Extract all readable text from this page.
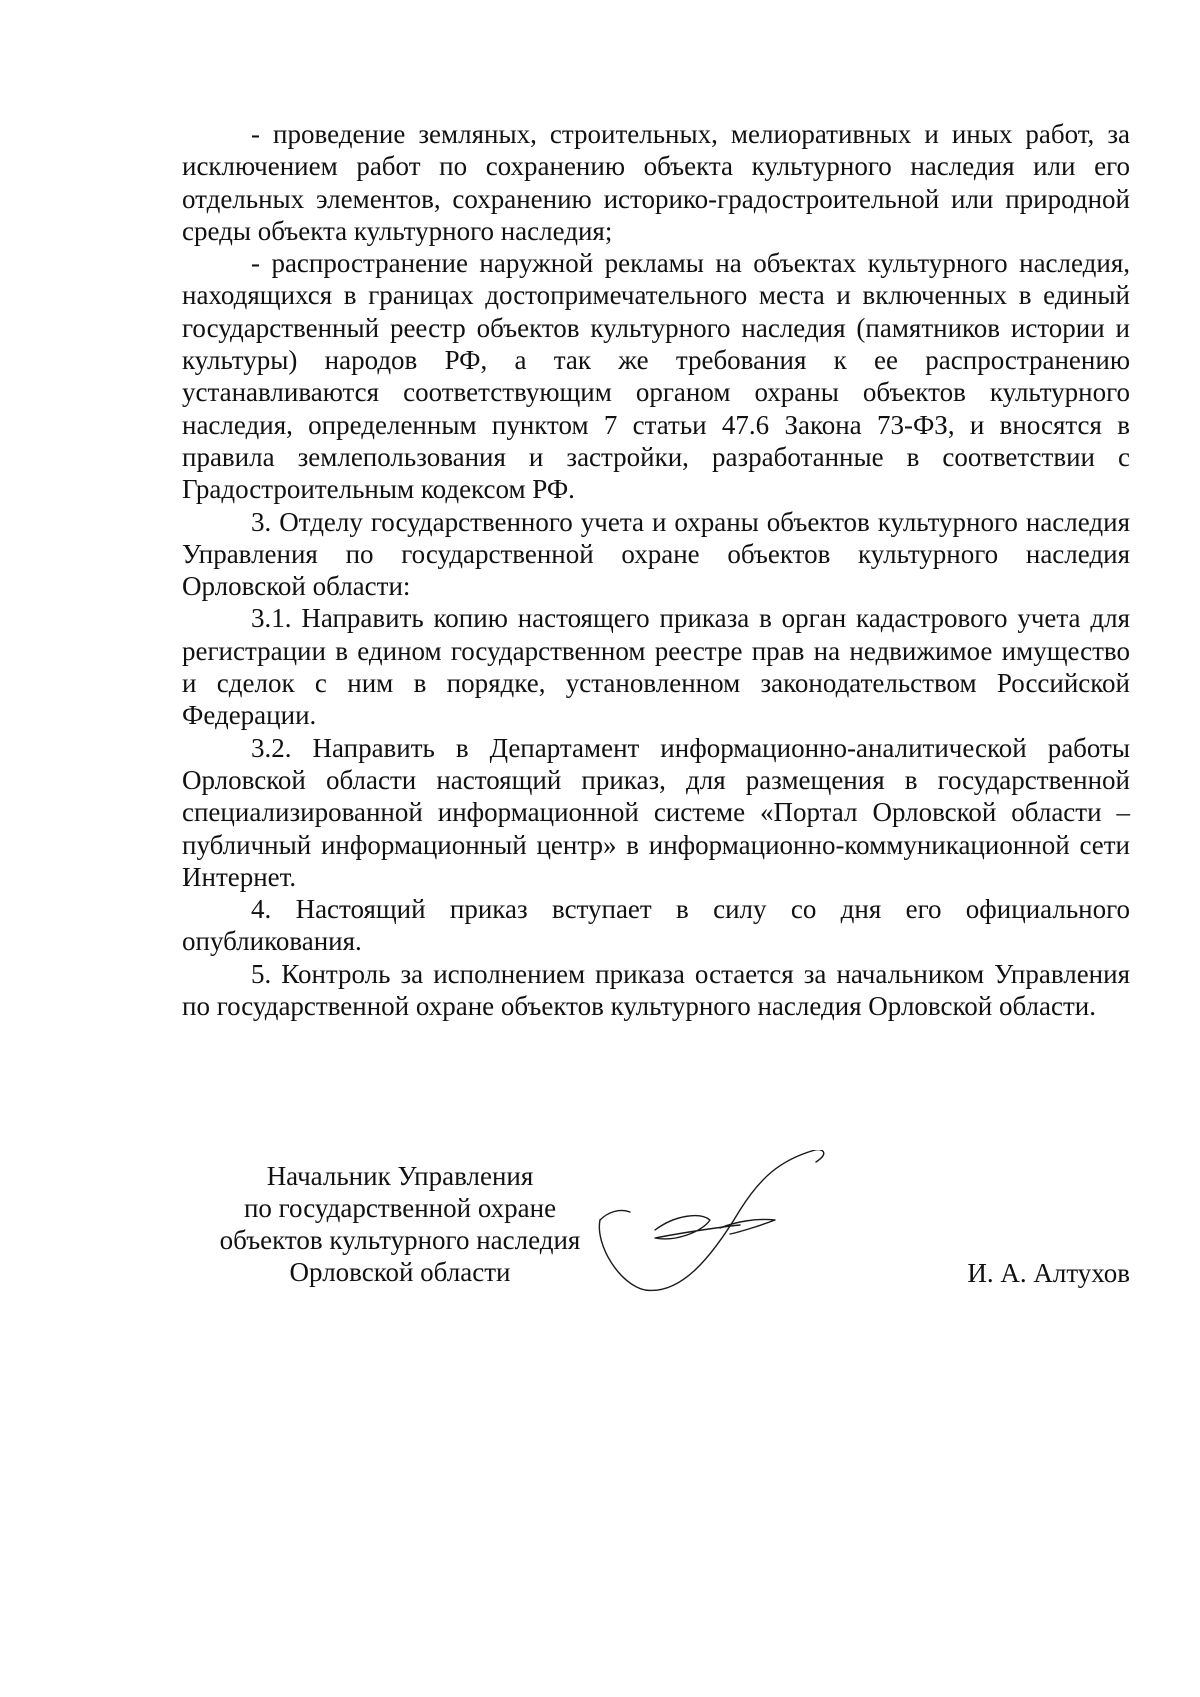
- проведение земляных, строительных, мелиоративных и иных работ, за исключением работ по сохранению объекта культурного наследия или его отдельных элементов, сохранению историко-градостроительной или природной среды объекта культурного наследия;

- распространение наружной рекламы на объектах культурного наследия, находящихся в границах достопримечательного места и включенных в единый государственный реестр объектов культурного наследия (памятников истории и культуры) народов РФ, а так же требования к ее распространению устанавливаются соответствующим органом охраны объектов культурного наследия, определенным пунктом 7 статьи 47.6 Закона 73-ФЗ, и вносятся в правила землепользования и застройки, разработанные в соответствии с Градостроительным кодексом РФ.

3. Отделу государственного учета и охраны объектов культурного наследия Управления по государственной охране объектов культурного наследия Орловской области:

3.1. Направить копию настоящего приказа в орган кадастрового учета для регистрации в едином государственном реестре прав на недвижимое имущество и сделок с ним в порядке, установленном законодательством Российской Федерации.

3.2. Направить в Департамент информационно-аналитической работы Орловской области настоящий приказ, для размещения в государственной специализированной информационной системе «Портал Орловской области – публичный информационный центр» в информационно-коммуникационной сети Интернет.

4. Настоящий приказ вступает в силу со дня его официального опубликования.

5. Контроль за исполнением приказа остается за начальником Управления по государственной охране объектов культурного наследия Орловской области.

Начальник Управления
по государственной охране
объектов культурного наследия
Орловской области	И. А. Алтухов
